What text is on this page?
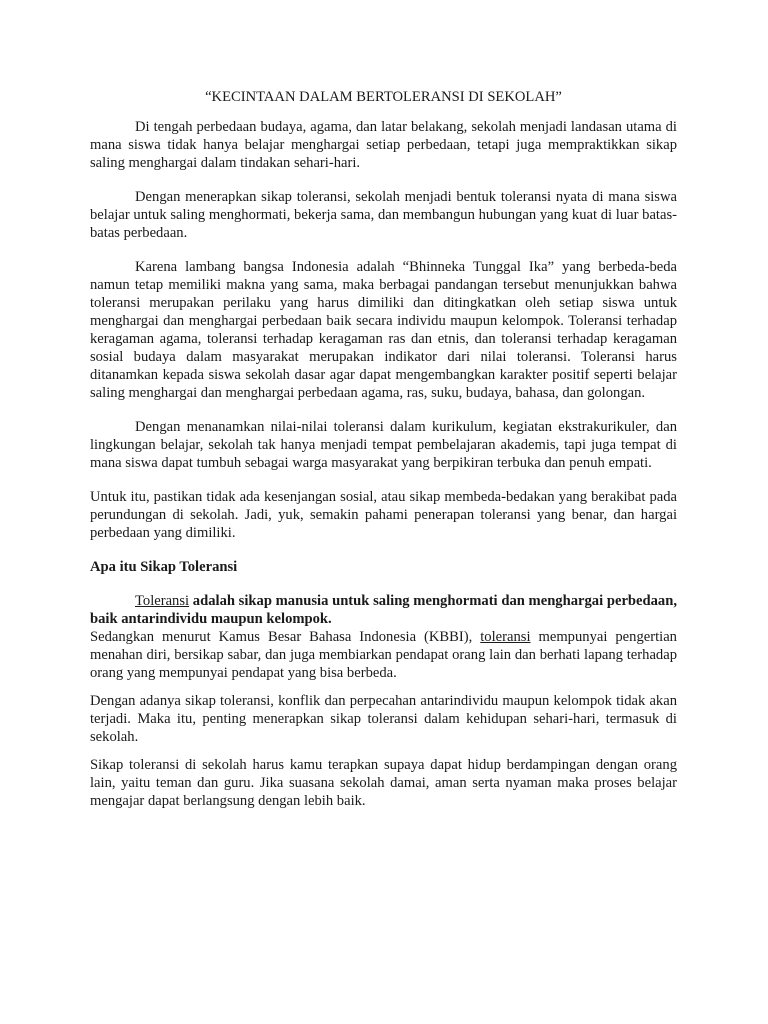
“KECINTAAN DALAM BERTOLERANSI DI SEKOLAH”

Di tengah perbedaan budaya, agama, dan latar belakang, sekolah menjadi landasan utama di mana siswa tidak hanya belajar menghargai setiap perbedaan, tetapi juga mempraktikkan sikap saling menghargai dalam tindakan sehari-hari.

Dengan menerapkan sikap toleransi, sekolah menjadi bentuk toleransi nyata di mana siswa belajar untuk saling menghormati, bekerja sama, dan membangun hubungan yang kuat di luar batas-batas perbedaan.

Karena lambang bangsa Indonesia adalah “Bhinneka Tunggal Ika” yang berbeda-beda namun tetap memiliki makna yang sama, maka berbagai pandangan tersebut menunjukkan bahwa toleransi merupakan perilaku yang harus dimiliki dan ditingkatkan oleh setiap siswa untuk menghargai dan menghargai perbedaan baik secara individu maupun kelompok. Toleransi terhadap keragaman agama, toleransi terhadap keragaman ras dan etnis, dan toleransi terhadap keragaman sosial budaya dalam masyarakat merupakan indikator dari nilai toleransi. Toleransi harus ditanamkan kepada siswa sekolah dasar agar dapat mengembangkan karakter positif seperti belajar saling menghargai dan menghargai perbedaan agama, ras, suku, budaya, bahasa, dan golongan.

Dengan menanamkan nilai-nilai toleransi dalam kurikulum, kegiatan ekstrakurikuler, dan lingkungan belajar, sekolah tak hanya menjadi tempat pembelajaran akademis, tapi juga tempat di mana siswa dapat tumbuh sebagai warga masyarakat yang berpikiran terbuka dan penuh empati.

Untuk itu, pastikan tidak ada kesenjangan sosial, atau sikap membeda-bedakan yang berakibat pada perundungan di sekolah. Jadi, yuk, semakin pahami penerapan toleransi yang benar, dan hargai perbedaan yang dimiliki.

Apa itu Sikap Toleransi

Toleransi adalah sikap manusia untuk saling menghormati dan menghargai perbedaan, baik antarindividu maupun kelompok.

Sedangkan menurut Kamus Besar Bahasa Indonesia (KBBI), toleransi mempunyai pengertian menahan diri, bersikap sabar, dan juga membiarkan pendapat orang lain dan berhati lapang terhadap orang yang mempunyai pendapat yang bisa berbeda.

Dengan adanya sikap toleransi, konflik dan perpecahan antarindividu maupun kelompok tidak akan terjadi. Maka itu, penting menerapkan sikap toleransi dalam kehidupan sehari-hari, termasuk di sekolah.

Sikap toleransi di sekolah harus kamu terapkan supaya dapat hidup berdampingan dengan orang lain, yaitu teman dan guru. Jika suasana sekolah damai, aman serta nyaman maka proses belajar mengajar dapat berlangsung dengan lebih baik.
